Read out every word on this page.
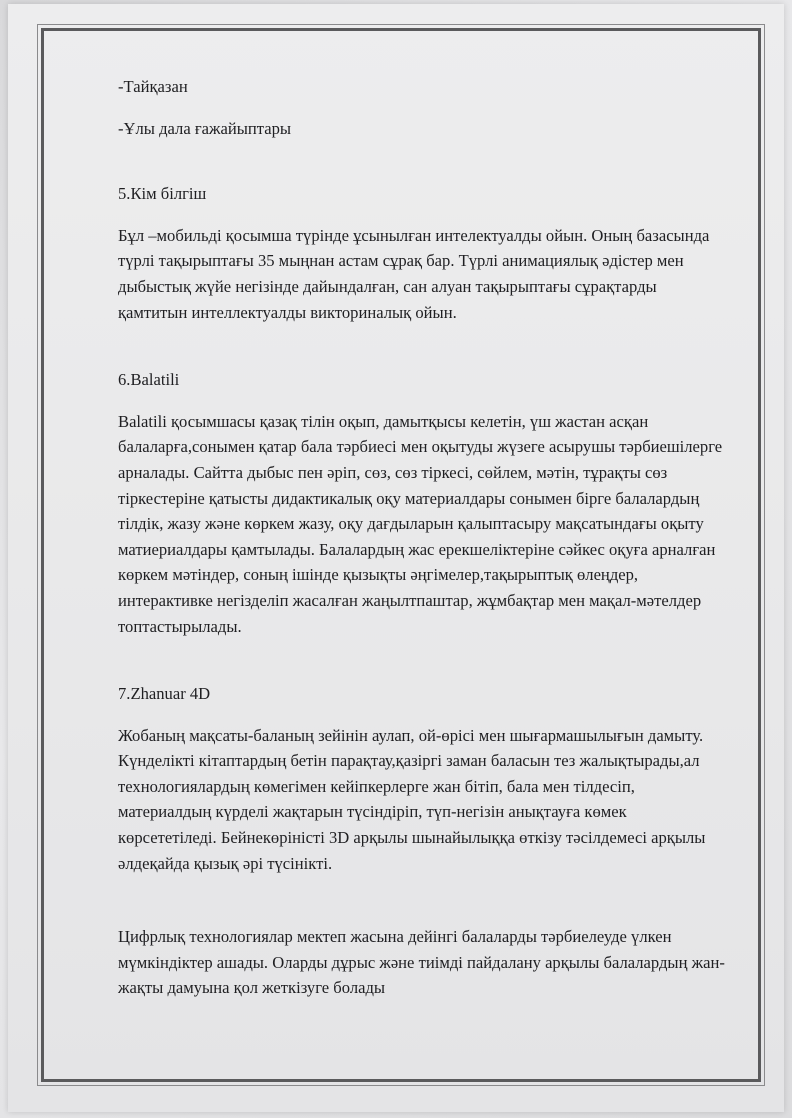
-Тайқазан

-Ұлы дала ғажайыптары

5.Кім білгіш

Бұл –мобильді қосымша түрінде ұсынылған интелектуалды ойын. Оның базасында түрлі тақырыптағы 35 мыңнан астам сұрақ бар. Түрлі анимациялық әдістер мен дыбыстық жүйе негізінде дайындалған, сан алуан тақырыптағы сұрақтарды қамтитын интеллектуалды викториналық ойын.

6.Balatili

Balatili қосымшасы қазақ тілін оқып, дамытқысы келетін, үш жастан асқан балаларға,сонымен қатар бала тәрбиесі мен оқытуды жүзеге асырушы тәрбиешілерге арналады. Сайтта дыбыс пен әріп, сөз, сөз тіркесі, сөйлем, мәтін, тұрақты сөз тіркестеріне қатысты дидактикалық оқу материалдары сонымен бірге балалардың тілдік, жазу және көркем жазу, оқу дағдыларын қалыптасыру мақсатындағы оқыту матиериалдары қамтылады. Балалардың жас ерекшеліктеріне сәйкес оқуға арналған көркем мәтіндер, соның ішінде қызықты әңгімелер,тақырыптық өлеңдер, интерактивке негізделіп жасалған жаңылтпаштар, жұмбақтар мен мақал-мәтелдер топтастырылады.

7.Zhanuar 4D

Жобаның мақсаты-баланың зейінін аулап, ой-өрісі мен шығармашылығын дамыту. Күнделікті кітаптардың бетін парақтау,қазіргі заман баласын тез жалықтырады,ал технологиялардың көмегімен кейіпкерлерге жан бітіп, бала мен тілдесіп, материалдың күрделі жақтарын түсіндіріп, түп-негізін анықтауға көмек көрсететіледі. Бейнекөріністі 3D арқылы шынайылыққа өткізу тәсілдемесі арқылы әлдеқайда қызық әрі түсінікті.

Цифрлық технологиялар мектеп жасына дейінгі балаларды тәрбиелеуде үлкен мүмкіндіктер ашады. Оларды дұрыс және тиімді пайдалану арқылы балалардың жан-жақты дамуына қол жеткізуге болады
